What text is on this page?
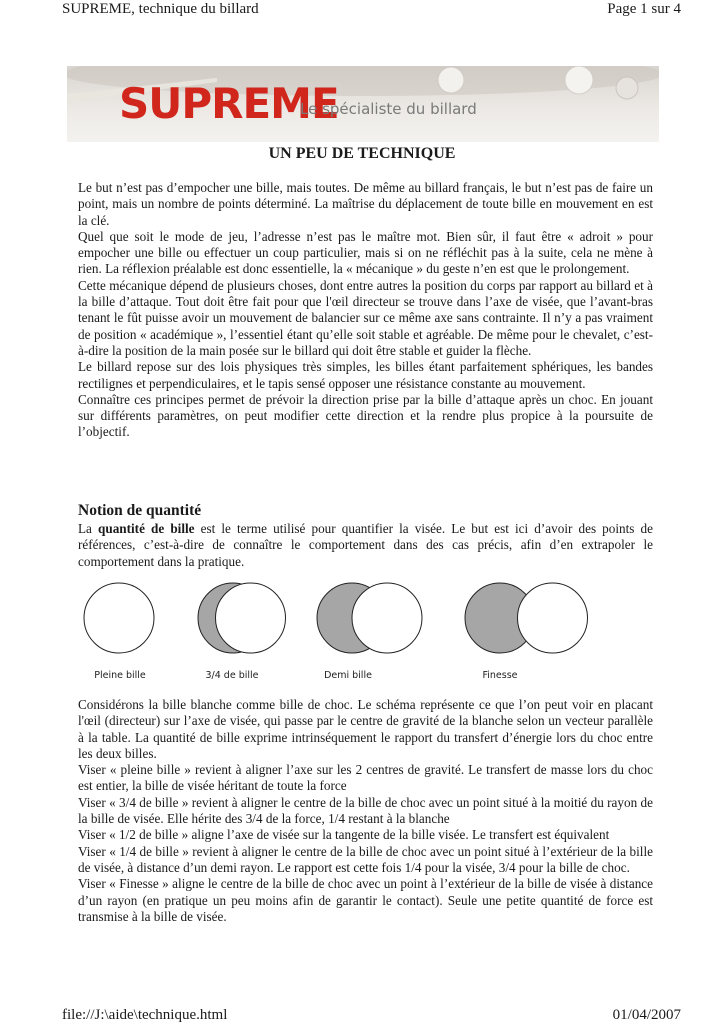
SUPREME, technique du billard	Page 1 sur 4
SUPREME
Le spécialiste du billard
UN PEU DE TECHNIQUE

Le but n’est pas d’empocher une bille, mais toutes. De même au billard français, le but n’est pas de faire un point, mais un nombre de points déterminé. La maîtrise du déplacement de toute bille en mouvement en est la clé.

Quel que soit le mode de jeu, l’adresse n’est pas le maître mot. Bien sûr, il faut être « adroit » pour empocher une bille ou effectuer un coup particulier, mais si on ne réfléchit pas à la suite, cela ne mène à rien. La réflexion préalable est donc essentielle, la « mécanique » du geste n’en est que le prolongement.

Cette mécanique dépend de plusieurs choses, dont entre autres la position du corps par rapport au billard et à la bille d’attaque. Tout doit être fait pour que l'œil directeur se trouve dans l’axe de visée, que l’avant-bras tenant le fût puisse avoir un mouvement de balancier sur ce même axe sans contrainte. Il n’y a pas vraiment de position « académique », l’essentiel étant qu’elle soit stable et agréable. De même pour le chevalet, c’est-à-dire la position de la main posée sur le billard qui doit être stable et guider la flèche.

Le billard repose sur des lois physiques très simples, les billes étant parfaitement sphériques, les bandes rectilignes et perpendiculaires, et le tapis sensé opposer une résistance constante au mouvement.

Connaître ces principes permet de prévoir la direction prise par la bille d’attaque après un choc. En jouant sur différents paramètres, on peut modifier cette direction et la rendre plus propice à la poursuite de l’objectif.

Notion de quantité

La quantité de bille est le terme utilisé pour quantifier la visée. Le but est ici d’avoir des points de références, c’est-à-dire de connaître le comportement dans des cas précis, afin d’en extrapoler le comportement dans la pratique.

Pleine bille	3/4 de bille	Demi bille	Finesse

Considérons la bille blanche comme bille de choc. Le schéma représente ce que l’on peut voir en placant l'œil (directeur) sur l’axe de visée, qui passe par le centre de gravité de la blanche selon un vecteur parallèle à la table. La quantité de bille exprime intrinséquement le rapport du transfert d’énergie lors du choc entre les deux billes.

Viser « pleine bille » revient à aligner l’axe sur les 2 centres de gravité. Le transfert de masse lors du choc est entier, la bille de visée héritant de toute la force

Viser « 3/4 de bille » revient à aligner le centre de la bille de choc avec un point situé à la moitié du rayon de la bille de visée. Elle hérite des 3/4 de la force, 1/4 restant à la blanche

Viser « 1/2 de bille » aligne l’axe de visée sur la tangente de la bille visée. Le transfert est équivalent

Viser « 1/4 de bille » revient à aligner le centre de la bille de choc avec un point situé à l’extérieur de la bille de visée, à distance d’un demi rayon. Le rapport est cette fois 1/4 pour la visée, 3/4 pour la bille de choc.

Viser « Finesse » aligne le centre de la bille de choc avec un point à l’extérieur de la bille de visée à distance d’un rayon (en pratique un peu moins afin de garantir le contact). Seule une petite quantité de force est transmise à la bille de visée.

file://J:\aide\technique.html	01/04/2007
